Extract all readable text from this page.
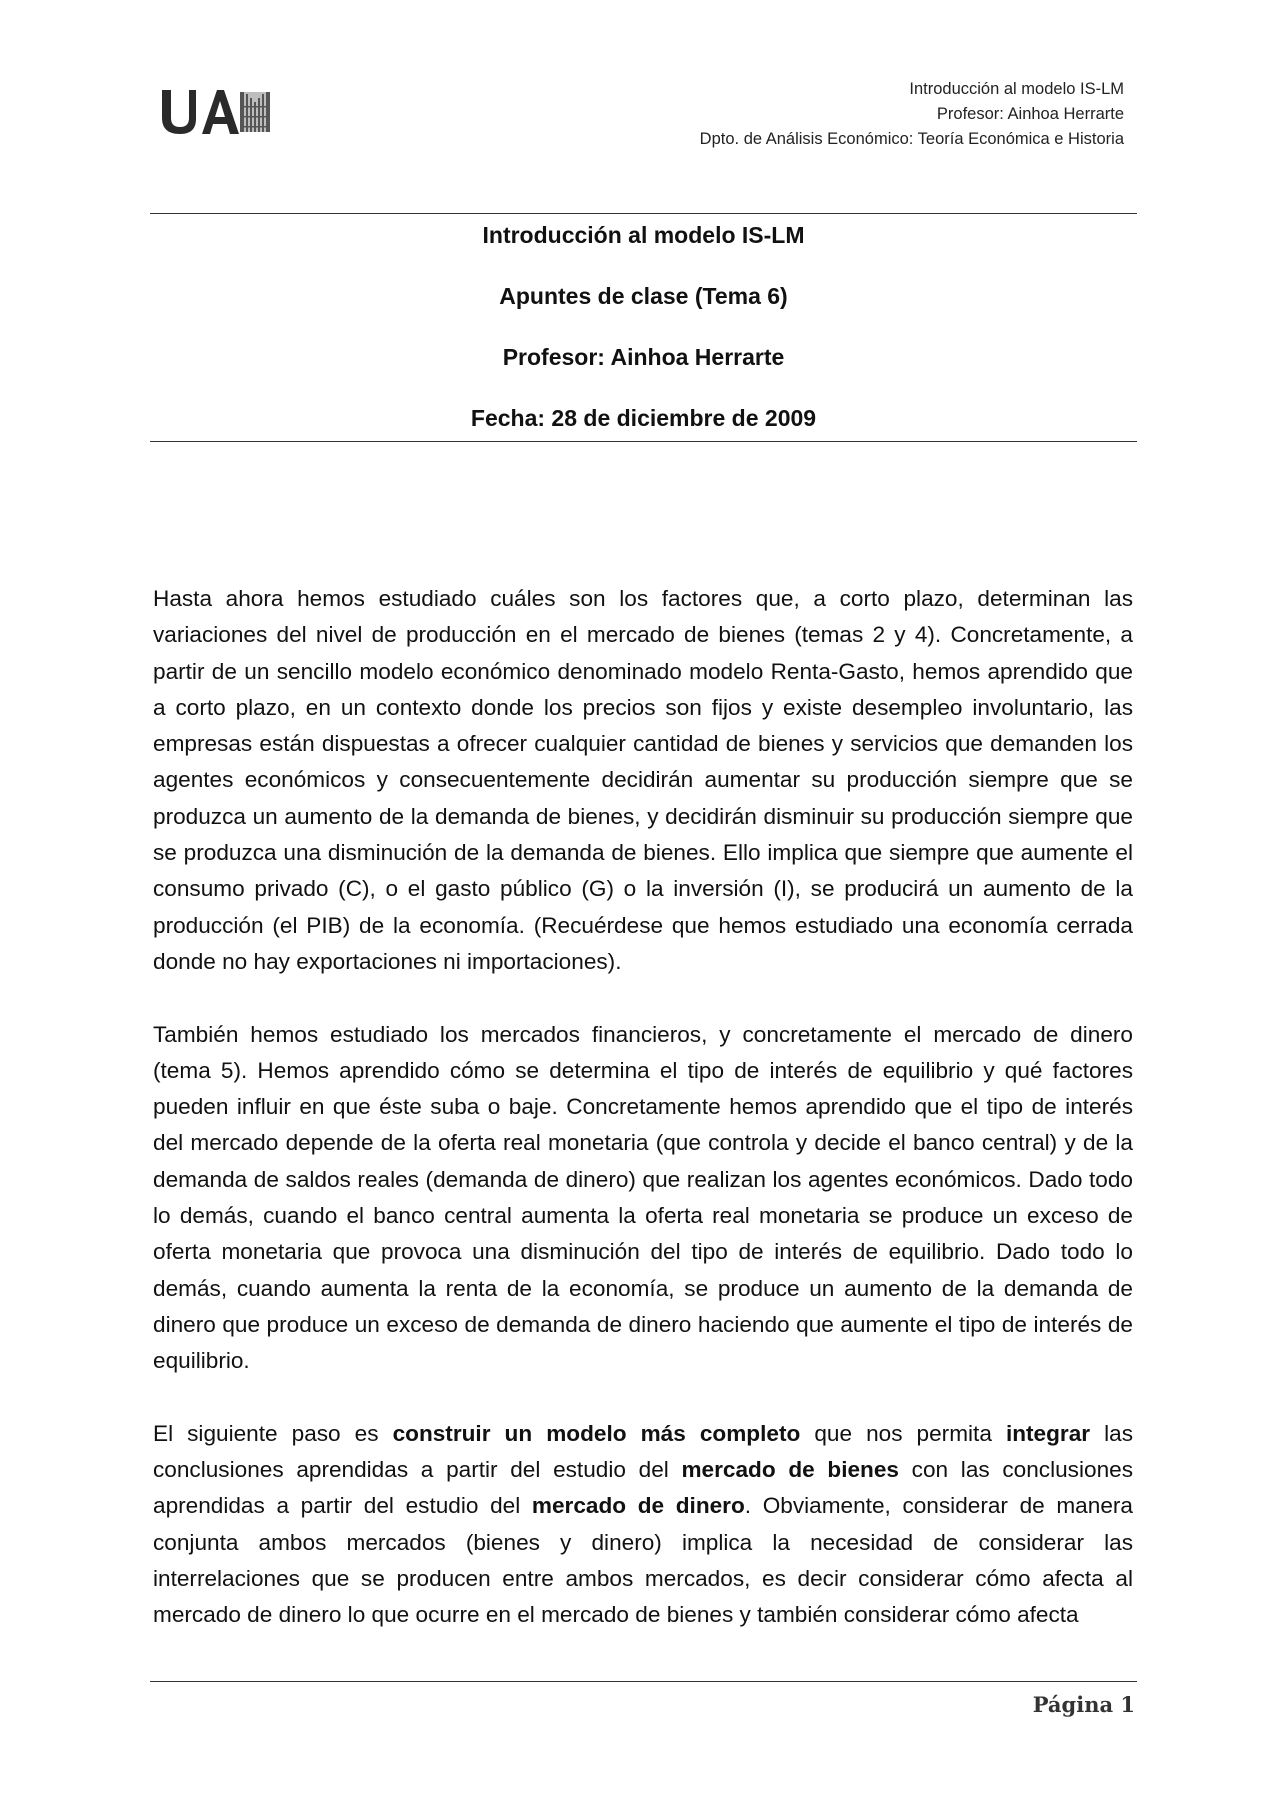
Introducción al modelo IS-LM
Profesor: Ainhoa Herrarte
Dpto. de Análisis Económico: Teoría Económica e Historia
Introducción al modelo IS-LM
Apuntes de clase (Tema 6)
Profesor: Ainhoa Herrarte
Fecha: 28 de diciembre de 2009

Hasta ahora hemos estudiado cuáles son los factores que, a corto plazo, determinan las variaciones del nivel de producción en el mercado de bienes (temas 2 y 4). Concretamente, a partir de un sencillo modelo económico denominado modelo Renta-Gasto, hemos aprendido que a corto plazo, en un contexto donde los precios son fijos y existe desempleo involuntario, las empresas están dispuestas a ofrecer cualquier cantidad de bienes y servicios que demanden los agentes económicos y consecuentemente decidirán aumentar su producción siempre que se produzca un aumento de la demanda de bienes, y decidirán disminuir su producción siempre que se produzca una disminución de la demanda de bienes. Ello implica que siempre que aumente el consumo privado (C), o el gasto público (G) o la inversión (I), se producirá un aumento de la producción (el PIB) de la economía. (Recuérdese que hemos estudiado una economía cerrada donde no hay exportaciones ni importaciones).

También hemos estudiado los mercados financieros, y concretamente el mercado de dinero (tema 5). Hemos aprendido cómo se determina el tipo de interés de equilibrio y qué factores pueden influir en que éste suba o baje. Concretamente hemos aprendido que el tipo de interés del mercado depende de la oferta real monetaria (que controla y decide el banco central) y de la demanda de saldos reales (demanda de dinero) que realizan los agentes económicos. Dado todo lo demás, cuando el banco central aumenta la oferta real monetaria se produce un exceso de oferta monetaria que provoca una disminución del tipo de interés de equilibrio. Dado todo lo demás, cuando aumenta la renta de la economía, se produce un aumento de la demanda de dinero que produce un exceso de demanda de dinero haciendo que aumente el tipo de interés de equilibrio.

El siguiente paso es construir un modelo más completo que nos permita integrar las conclusiones aprendidas a partir del estudio del mercado de bienes con las conclusiones aprendidas a partir del estudio del mercado de dinero. Obviamente, considerar de manera conjunta ambos mercados (bienes y dinero) implica la necesidad de considerar las interrelaciones que se producen entre ambos mercados, es decir considerar cómo afecta al mercado de dinero lo que ocurre en el mercado de bienes y también considerar cómo afecta

Página 1
